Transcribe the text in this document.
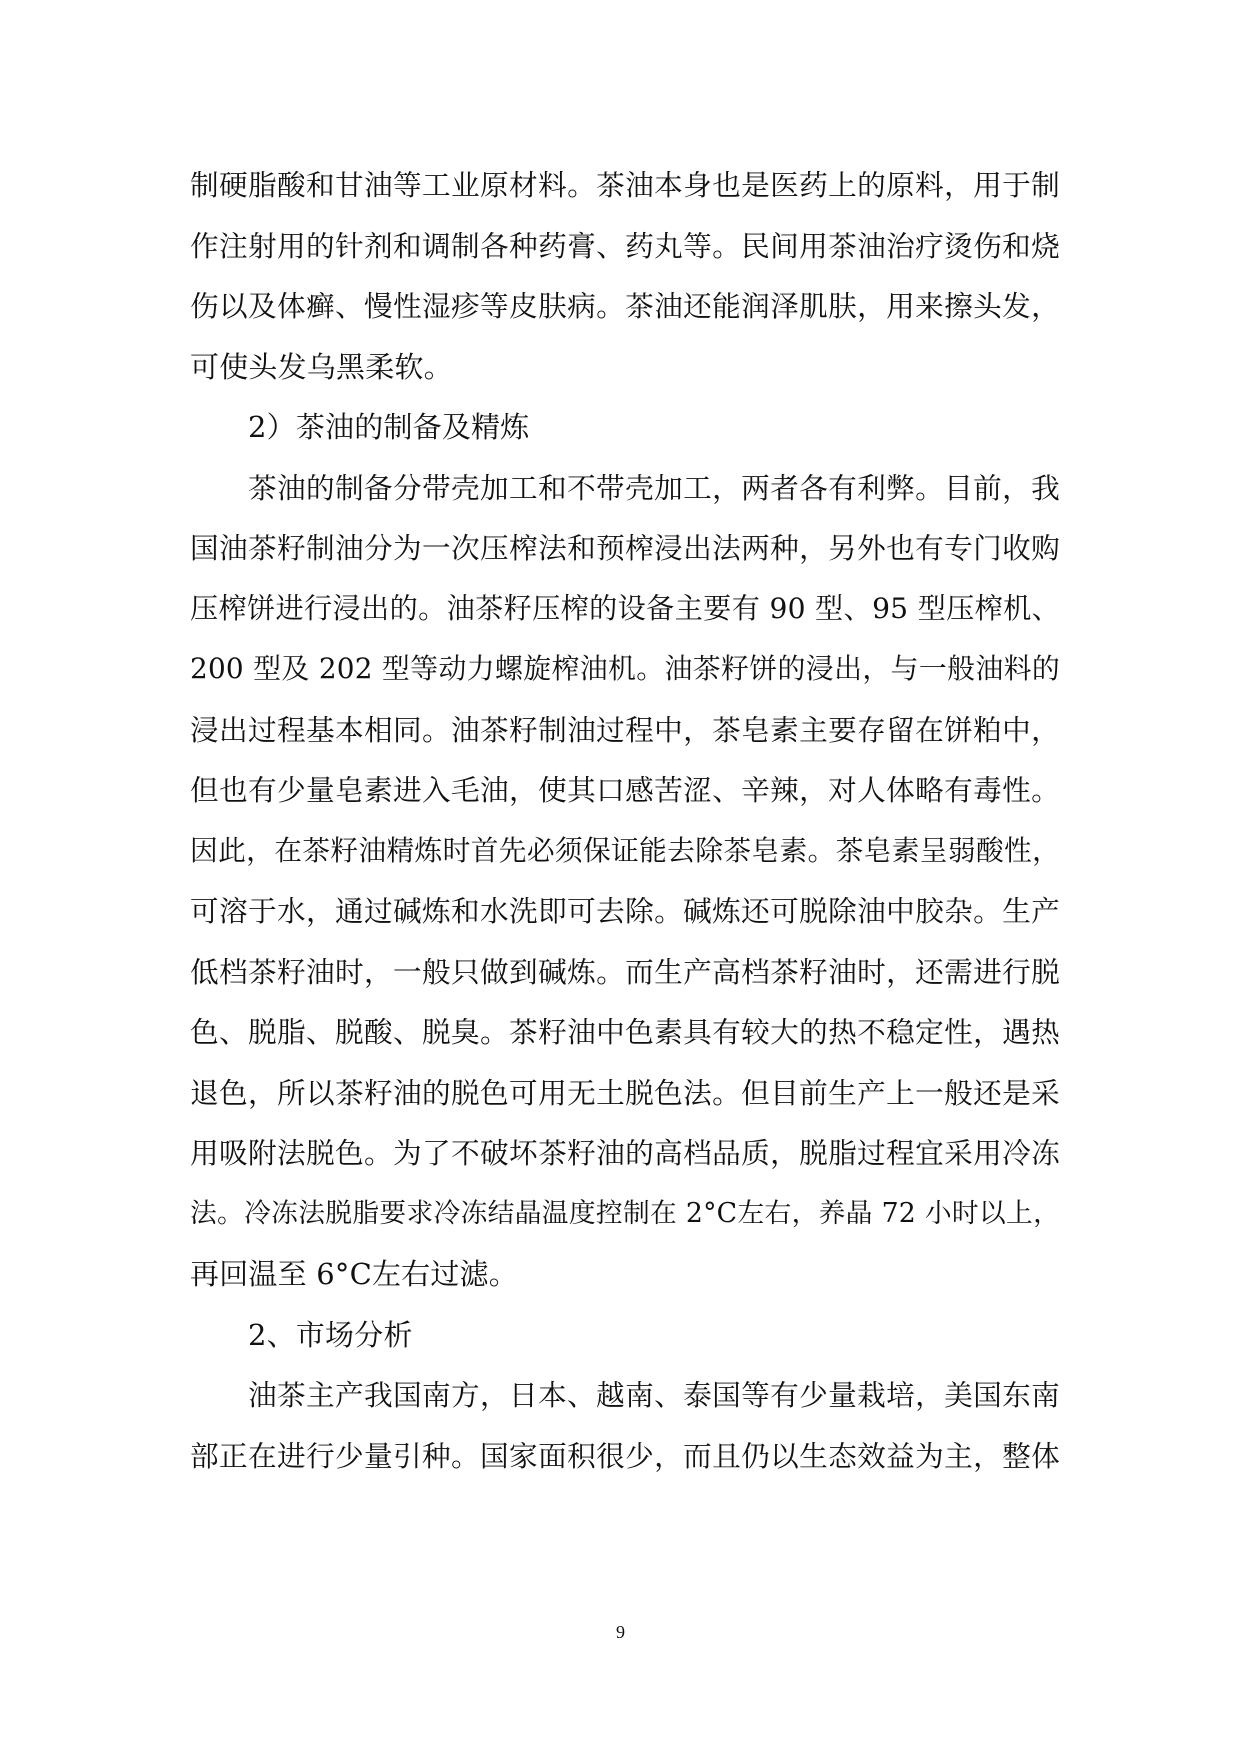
制硬脂酸和甘油等工业原材料。茶油本身也是医药上的原料，用于制
作注射用的针剂和调制各种药膏、药丸等。民间用茶油治疗烫伤和烧
伤以及体癣、慢性湿疹等皮肤病。茶油还能润泽肌肤，用来擦头发，
可使头发乌黑柔软。
2）茶油的制备及精炼
茶油的制备分带壳加工和不带壳加工，两者各有利弊。目前，我
国油茶籽制油分为一次压榨法和预榨浸出法两种，另外也有专门收购
压榨饼进行浸出的。油茶籽压榨的设备主要有 90 型、95 型压榨机、
200 型及 202 型等动力螺旋榨油机。油茶籽饼的浸出，与一般油料的
浸出过程基本相同。油茶籽制油过程中，茶皂素主要存留在饼粕中，
但也有少量皂素进入毛油，使其口感苦涩、辛辣，对人体略有毒性。
因此，在茶籽油精炼时首先必须保证能去除茶皂素。茶皂素呈弱酸性，
可溶于水，通过碱炼和水洗即可去除。碱炼还可脱除油中胶杂。生产
低档茶籽油时，一般只做到碱炼。而生产高档茶籽油时，还需进行脱
色、脱脂、脱酸、脱臭。茶籽油中色素具有较大的热不稳定性，遇热
退色，所以茶籽油的脱色可用无土脱色法。但目前生产上一般还是采
用吸附法脱色。为了不破坏茶籽油的高档品质，脱脂过程宜采用冷冻
法。冷冻法脱脂要求冷冻结晶温度控制在 2°C左右，养晶 72 小时以上，
再回温至 6°C左右过滤。
2、市场分析
油茶主产我国南方，日本、越南、泰国等有少量栽培，美国东南
部正在进行少量引种。国家面积很少，而且仍以生态效益为主，整体
9
